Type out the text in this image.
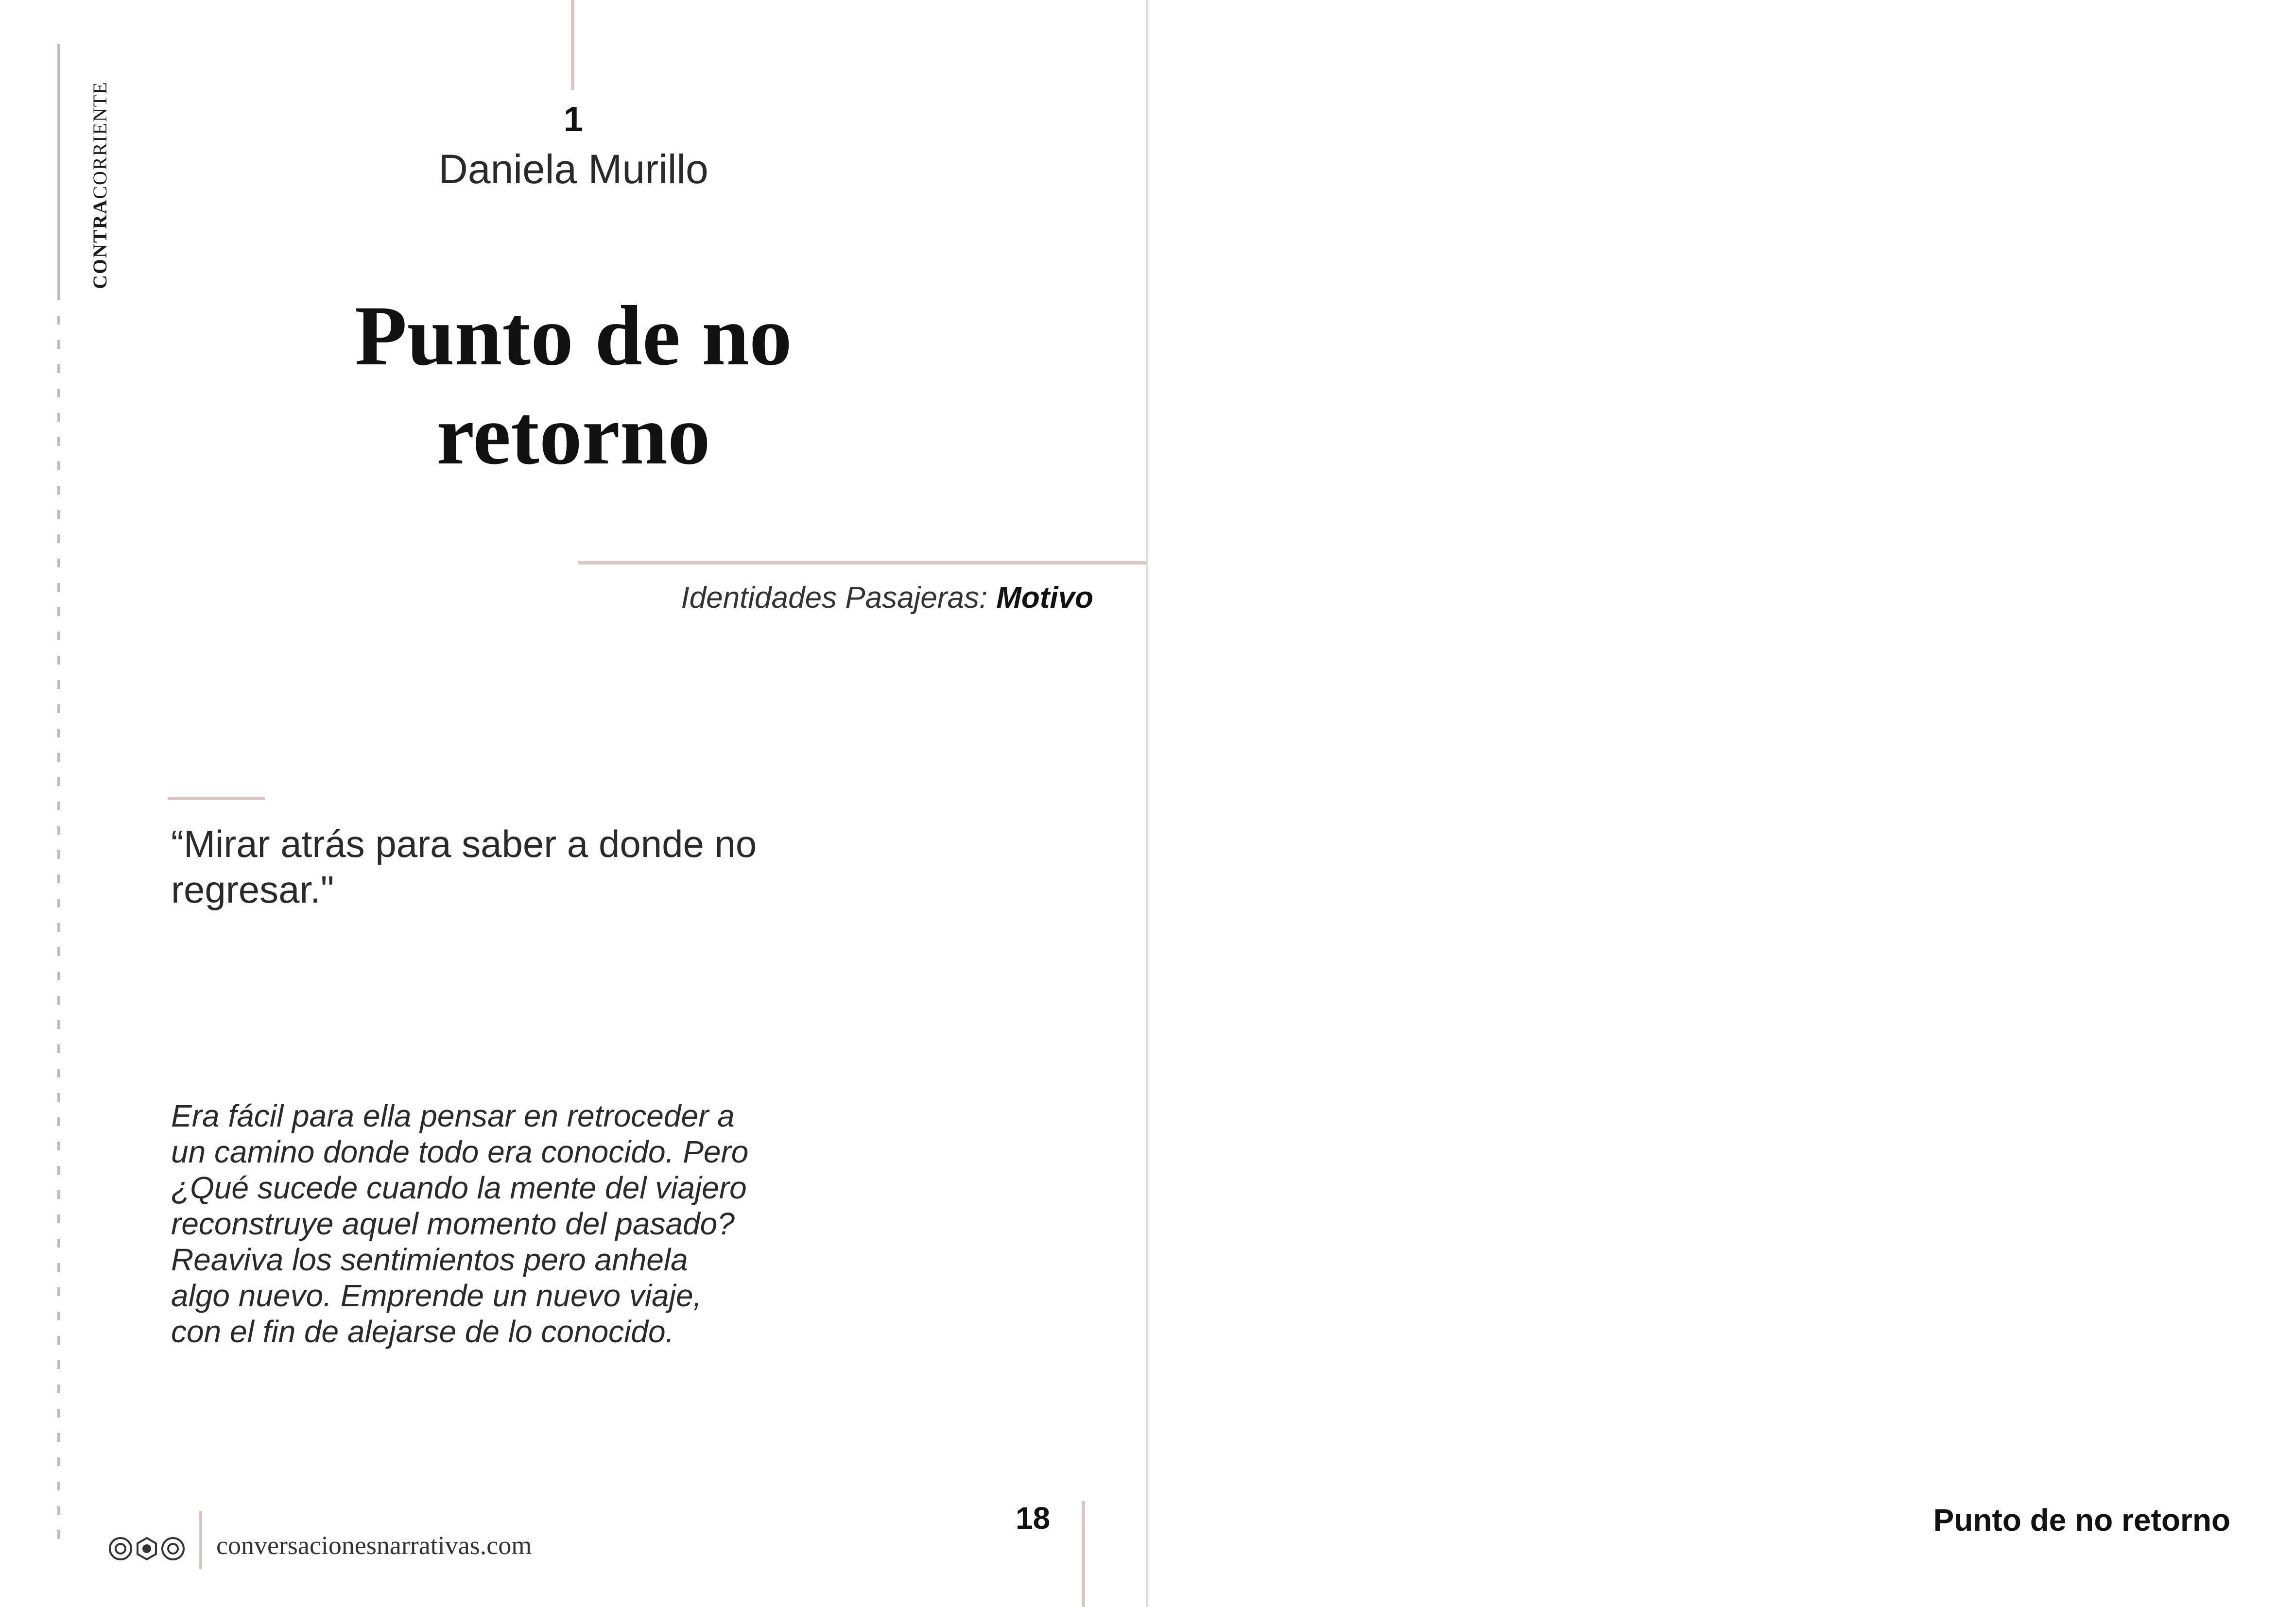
CONTRACORRIENTE	1
Daniela Murillo
Punto de no
retorno
Identidades Pasajeras: Motivo
“Mirar atrás para saber a donde no regresar."
Era fácil para ella pensar en retroceder a un camino donde todo era conocido. Pero ¿Qué sucede cuando la mente del viajero reconstruye aquel momento del pasado? Reaviva los sentimientos pero anhela algo nuevo. Emprende un nuevo viaje, con el fin de alejarse de lo conocido.
conversacionesnarrativas.com
18	Punto de no retorno
